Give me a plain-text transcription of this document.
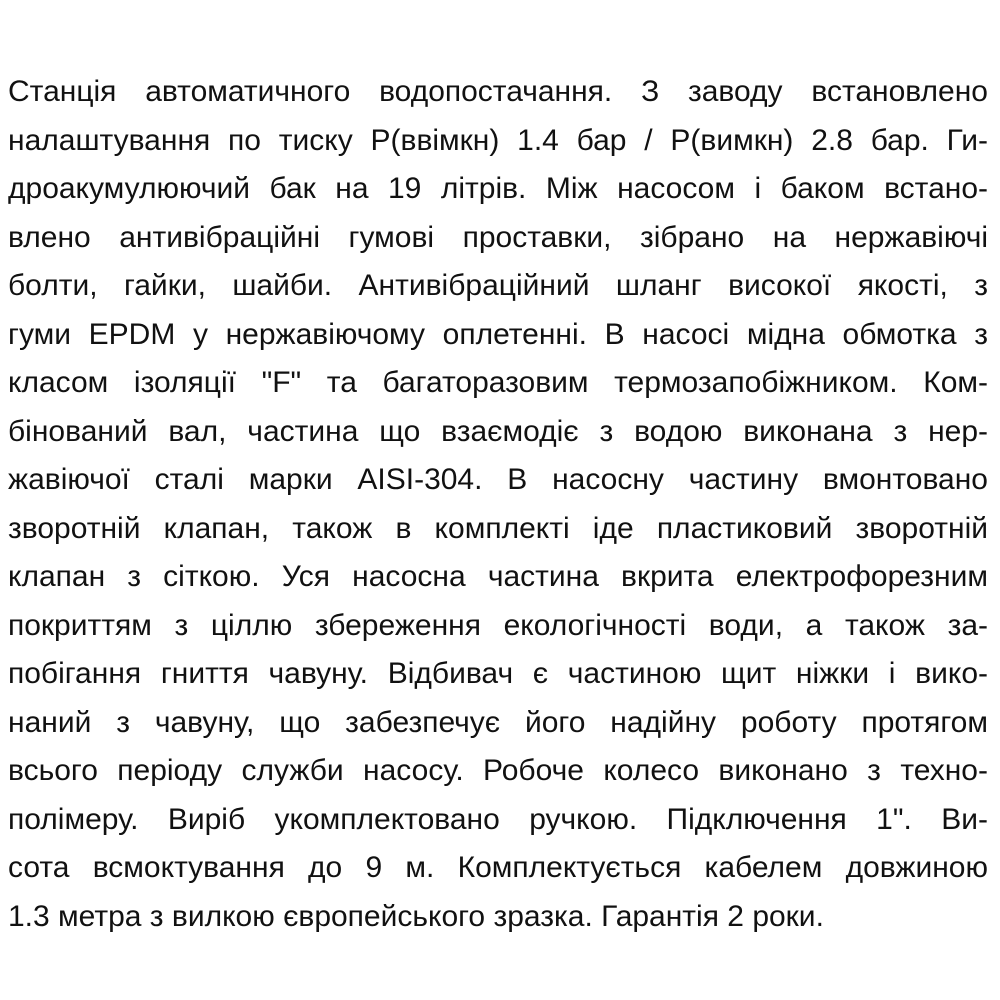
Станція автоматичного водопостачання. З заводу встановлено
налаштування по тиску Р(ввімкн) 1.4 бар / Р(вимкн) 2.8 бар. Ги-
дроакумулюючий бак на 19 літрів. Між насосом і баком встано-
влено антивібраційні гумові проставки, зібрано на нержавіючі
болти, гайки, шайби. Антивібраційний шланг високої якості, з
гуми EPDM у нержавіючому оплетенні. В насосі мідна обмотка з
класом ізоляції "F" та багаторазовим термозапобіжником. Ком-
бінований вал, частина що взаємодіє з водою виконана з нер-
жавіючої сталі марки AISI-304. В насосну частину вмонтовано
зворотній клапан, також в комплекті іде пластиковий зворотній
клапан з сіткою. Уся насосна частина вкрита електрофорезним
покриттям з ціллю збереження екологічності води, а також за-
побігання гниття чавуну. Відбивач є частиною щит ніжки і вико-
наний з чавуну, що забезпечує його надійну роботу протягом
всього періоду служби насосу. Робоче колесо виконано з техно-
полімеру. Виріб укомплектовано ручкою. Підключення 1". Ви-
сота всмоктування до 9 м. Комплектується кабелем довжиною
1.3 метра з вилкою європейського зразка. Гарантія 2 роки.
